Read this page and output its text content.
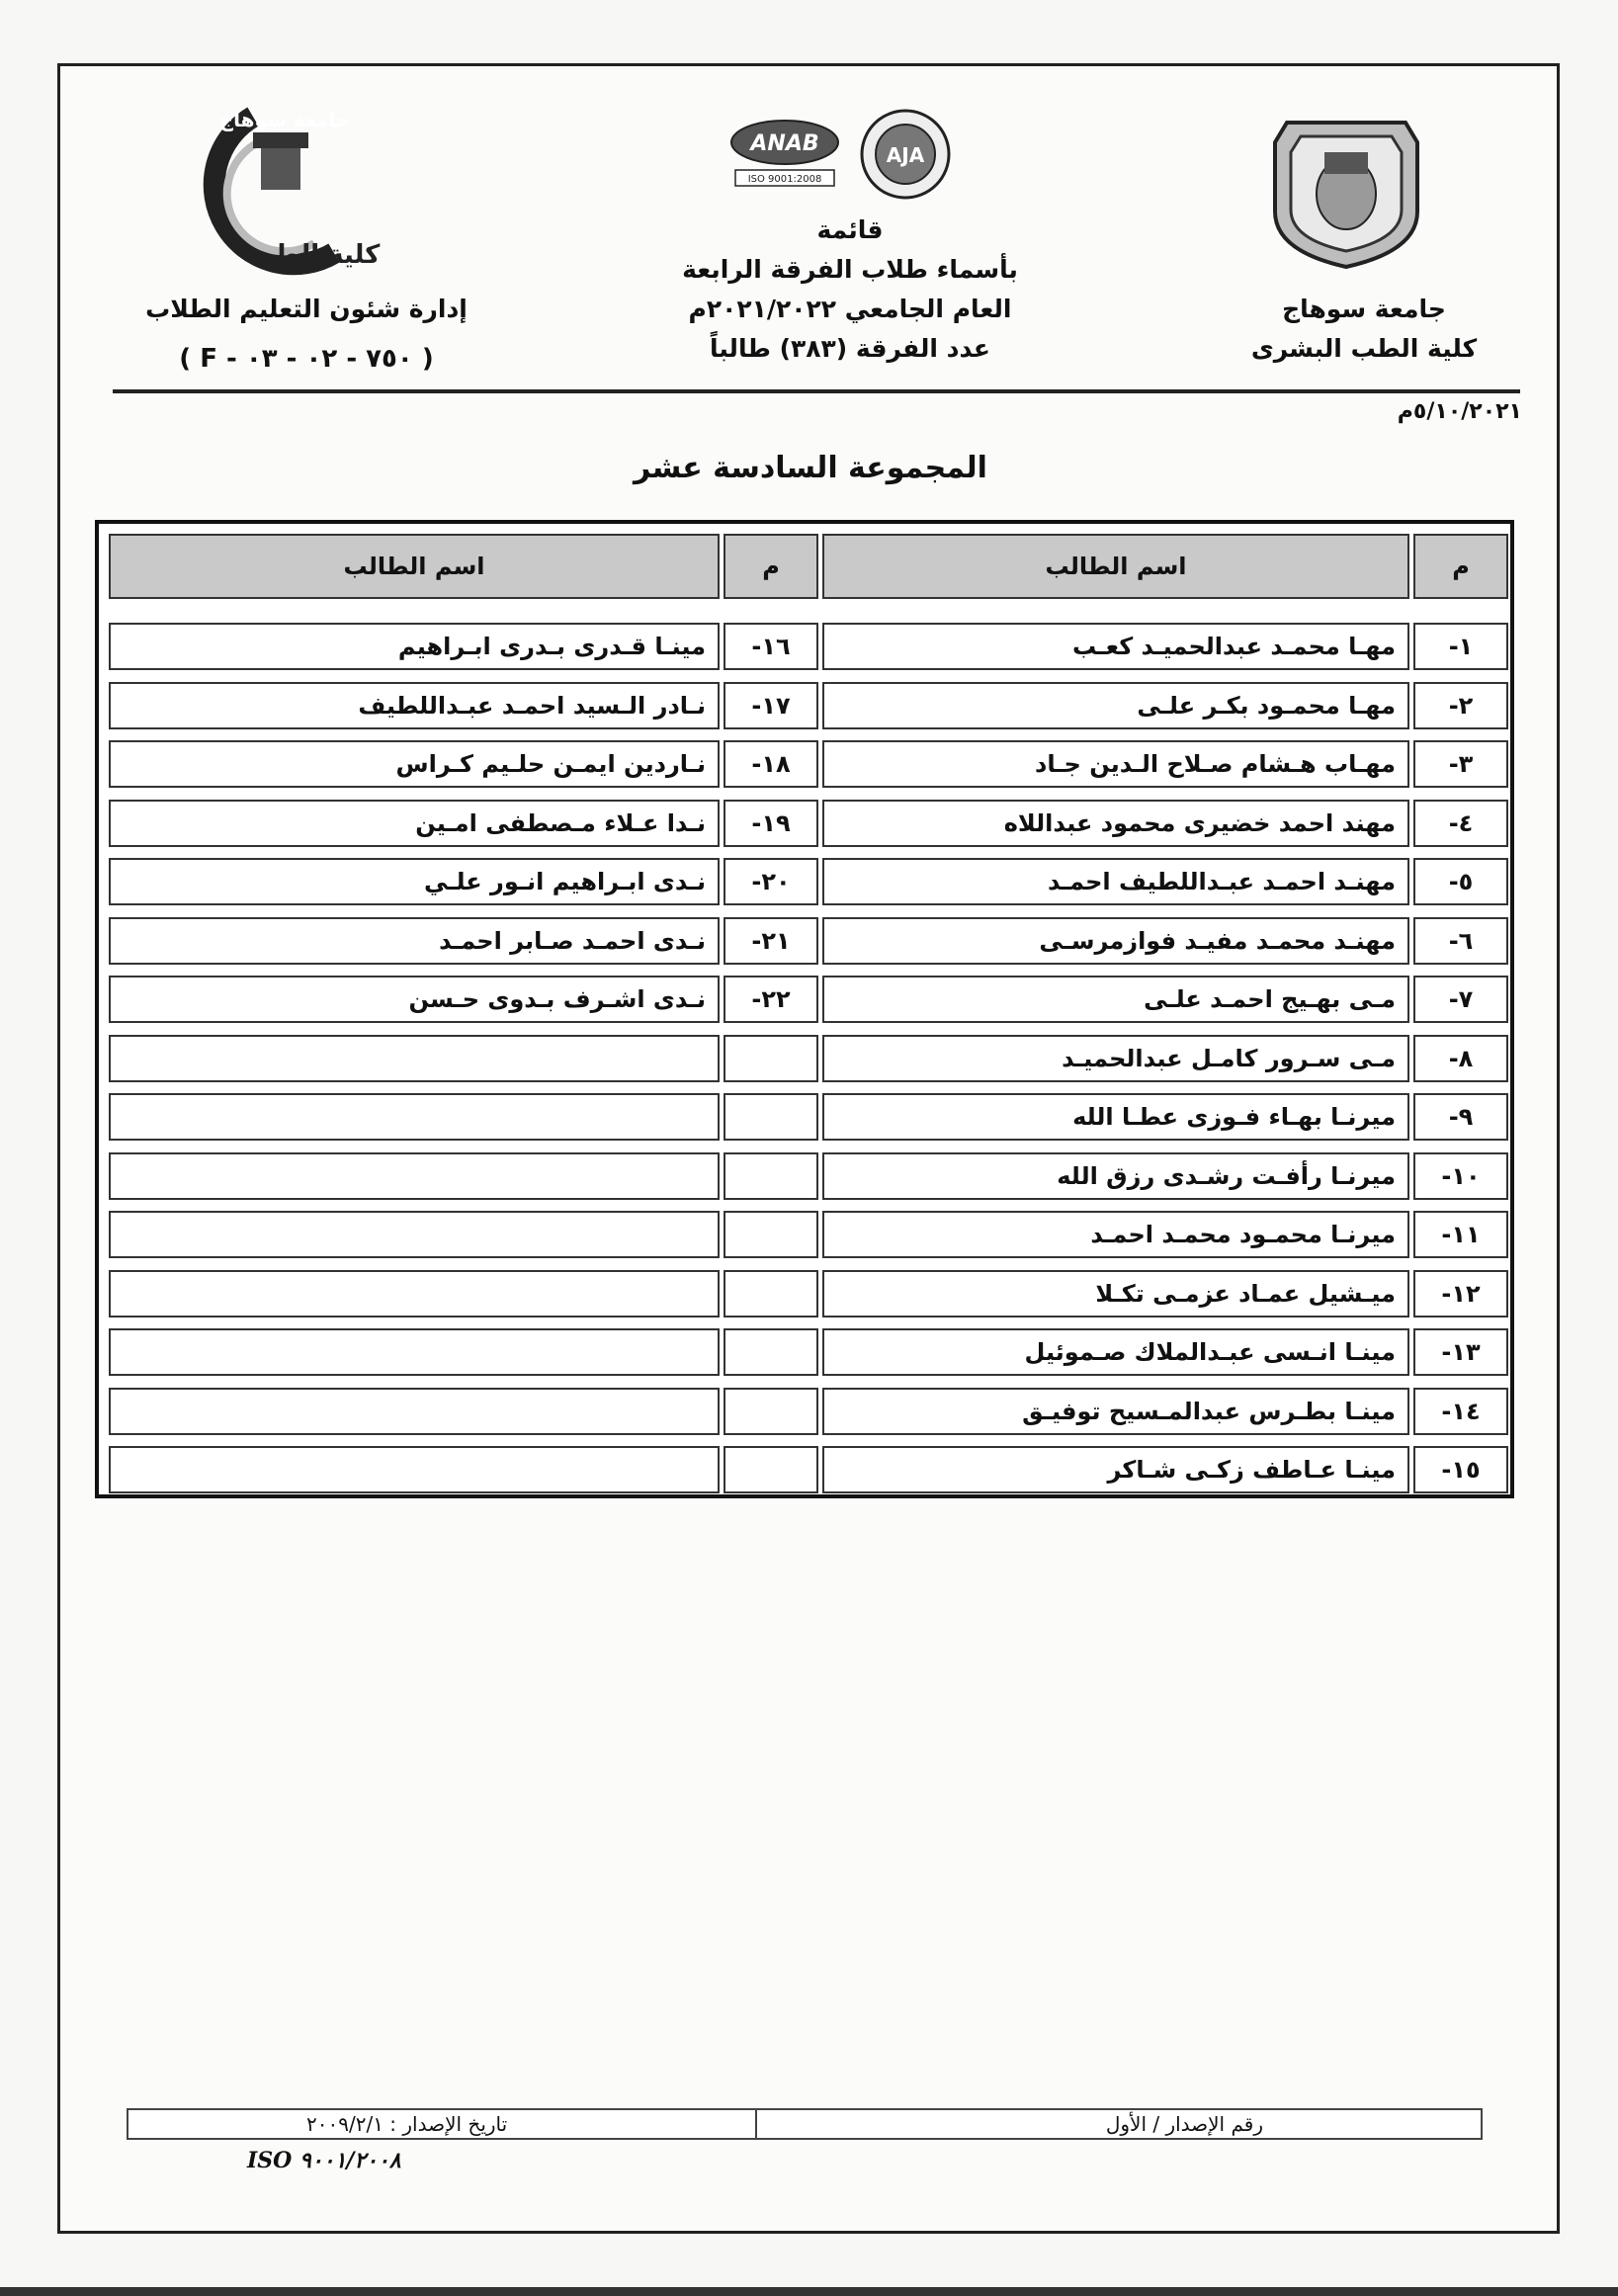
ANAB
ISO 9001:2008
AJA
جامعة سوهاج
كلية الطب
جامعة سوهاج
كلية الطب البشرى
قائمة
بأسماء طلاب الفرقة الرابعة
العام الجامعي ٢٠٢١/٢٠٢٢م
عدد الفرقة (٣٨٣) طالباً
إدارة شئون التعليم الطلاب
( F - ٧٥٠ - ٠٢ - ٠٣ )
٥/١٠/٢٠٢١م
المجموعة السادسة عشر
م
اسم الطالب
م
اسم الطالب
١-
مهـا محمـد عبدالحميـد كعـب
٢-
مهـا محمـود بكـر علـى
٣-
مهـاب هـشام صـلاح الـدين جـاد
٤-
مهند احمد خضيرى محمود عبداللاه
٥-
مهنـد احمـد عبـداللطيف احمـد
٦-
مهنـد محمـد مفيـد فوازمرسـى
٧-
مـى بهـيج احمـد علـى
٨-
مـى سـرور كامـل عبدالحميـد
٩-
ميرنـا بهـاء فـوزى عطـا الله
١٠-
ميرنـا رأفـت رشـدى رزق الله
١١-
ميرنـا محمـود محمـد احمـد
١٢-
ميـشيل عمـاد عزمـى تكـلا
١٣-
مينـا انـسى عبـدالملاك صـموئيل
١٤-
مينـا بطـرس عبدالمـسيح توفيـق
١٥-
مينـا عـاطف زكـى شـاكر
١٦-
مينـا قـدرى بـدرى ابـراهيم
١٧-
نـادر الـسيد احمـد عبـداللطيف
١٨-
نـاردين ايمـن حلـيم كـراس
١٩-
نـدا عـلاء مـصطفى امـين
٢٠-
نـدى ابـراهيم انـور علـي
٢١-
نـدى احمـد صـابر احمـد
٢٢-
نـدى اشـرف بـدوى حـسن
رقم الإصدار / الأول
تاريخ الإصدار : ٢٠٠٩/٢/١
ISO ٩٠٠١/٢٠٠٨
